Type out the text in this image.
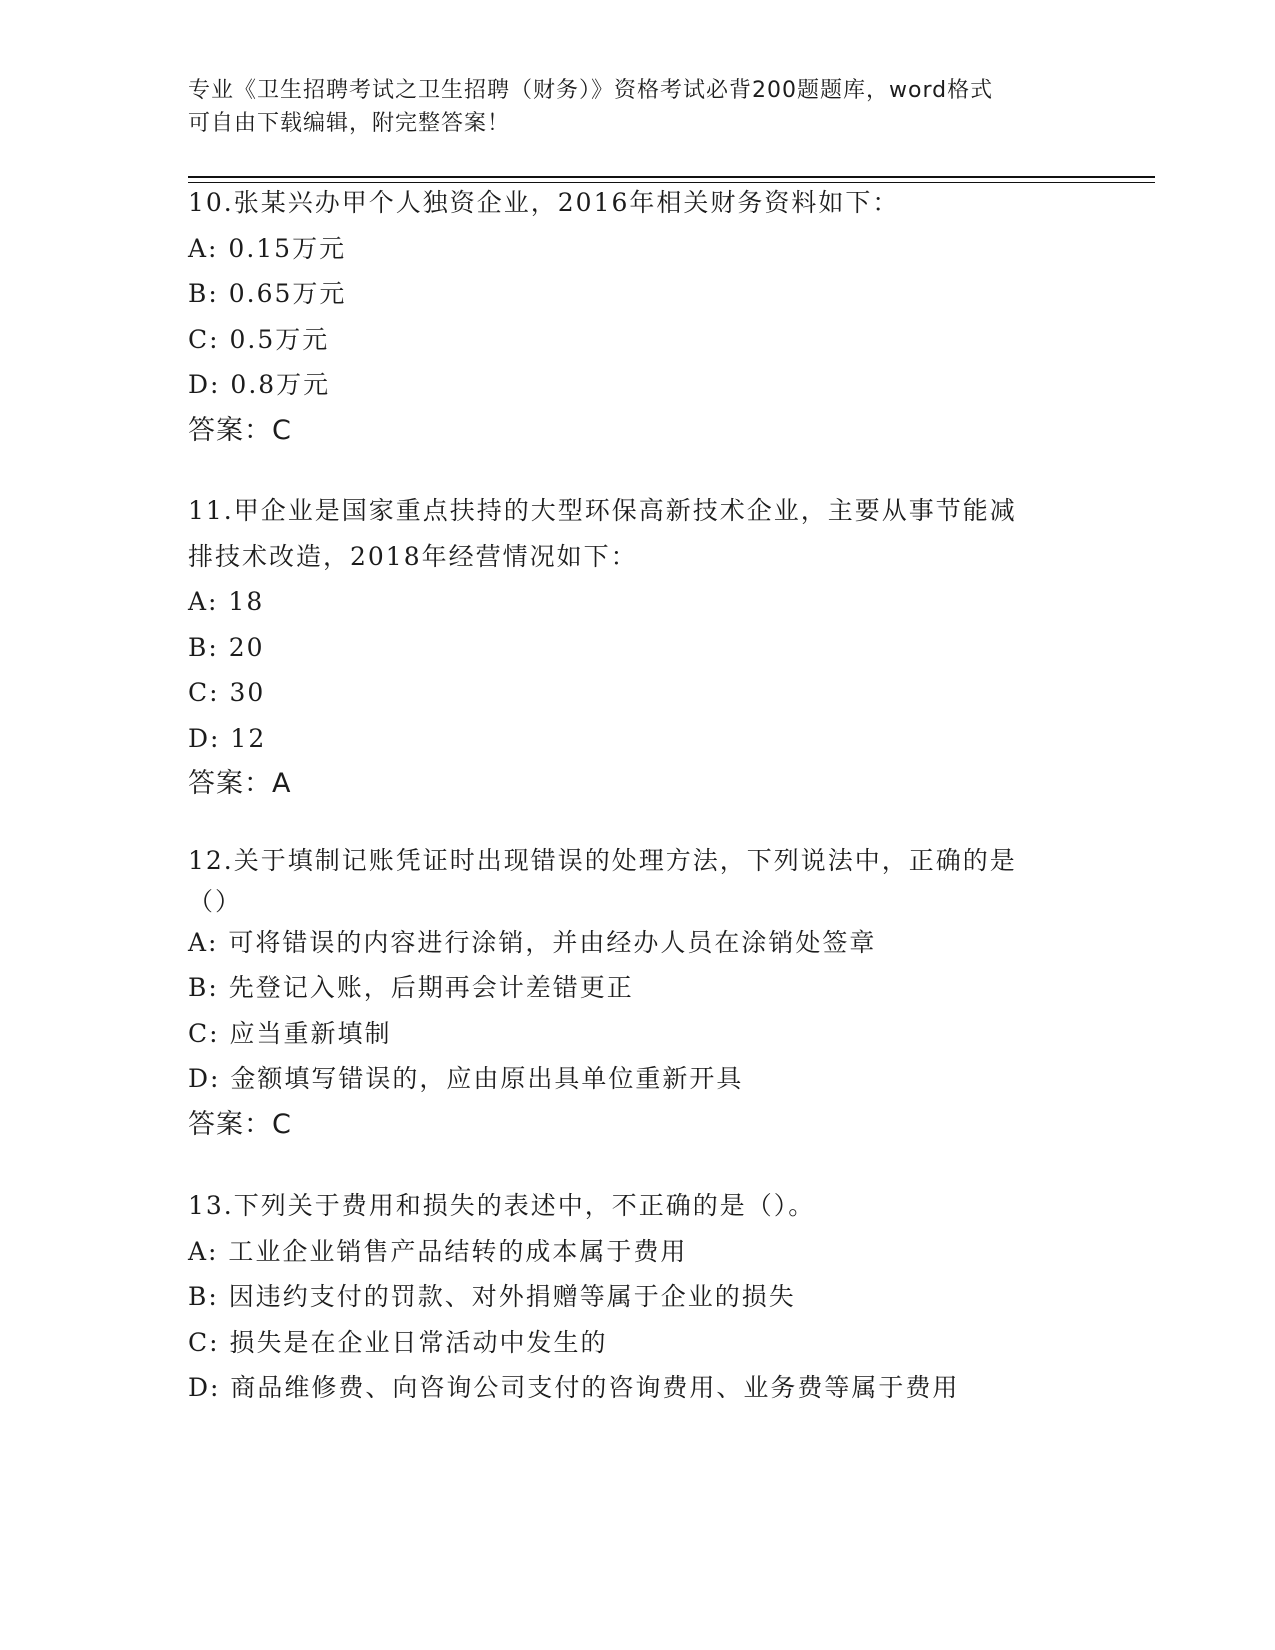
专业《卫生招聘考试之卫生招聘（财务）》资格考试必背200题题库，word格式
可自由下载编辑，附完整答案！
10.张某兴办甲个人独资企业，2016年相关财务资料如下：
A: 0.15万元
B: 0.65万元
C: 0.5万元
D: 0.8万元
答案：C
11.甲企业是国家重点扶持的大型环保高新技术企业，主要从事节能减
排技术改造，2018年经营情况如下：
A: 18
B: 20
C: 30
D: 12
答案：A
12.关于填制记账凭证时出现错误的处理方法，下列说法中，正确的是
（）
A: 可将错误的内容进行涂销，并由经办人员在涂销处签章
B: 先登记入账，后期再会计差错更正
C: 应当重新填制
D: 金额填写错误的，应由原出具单位重新开具
答案：C
13.下列关于费用和损失的表述中，不正确的是（）。
A: 工业企业销售产品结转的成本属于费用
B: 因违约支付的罚款、对外捐赠等属于企业的损失
C: 损失是在企业日常活动中发生的
D: 商品维修费、向咨询公司支付的咨询费用、业务费等属于费用
